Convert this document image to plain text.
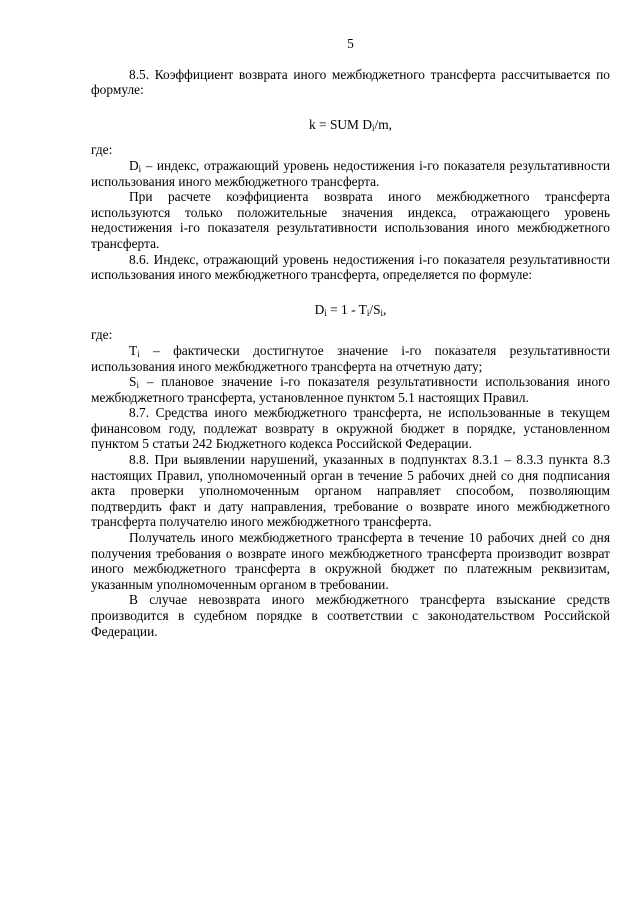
5

8.5. Коэффициент возврата иного межбюджетного трансферта рассчитывается по формуле:

k = SUM $D_i/m$,

где:

$D_i$ – индекс, отражающий уровень недостижения i-го показателя результативности использования иного межбюджетного трансферта.

При расчете коэффициента возврата иного межбюджетного трансферта используются только положительные значения индекса, отражающего уровень недостижения i-го показателя результативности использования иного межбюджетного трансферта.

8.6. Индекс, отражающий уровень недостижения i-го показателя результативности использования иного межбюджетного трансферта, определяется по формуле:

$D_i = 1 - T_i/S_i$,

где:

$T_i$ – фактически достигнутое значение i-го показателя результативности использования иного межбюджетного трансферта на отчетную дату;

$S_i$ – плановое значение i-го показателя результативности использования иного межбюджетного трансферта, установленное пунктом 5.1 настоящих Правил.

8.7. Средства иного межбюджетного трансферта, не использованные в текущем финансовом году, подлежат возврату в окружной бюджет в порядке, установленном пунктом 5 статьи 242 Бюджетного кодекса Российской Федерации.

8.8. При выявлении нарушений, указанных в подпунктах 8.3.1 – 8.3.3 пункта 8.3 настоящих Правил, уполномоченный орган в течение 5 рабочих дней со дня подписания акта проверки уполномоченным органом направляет способом, позволяющим подтвердить факт и дату направления, требование о возврате иного межбюджетного трансферта получателю иного межбюджетного трансферта.

Получатель иного межбюджетного трансферта в течение 10 рабочих дней со дня получения требования о возврате иного межбюджетного трансферта производит возврат иного межбюджетного трансферта в окружной бюджет по платежным реквизитам, указанным уполномоченным органом в требовании.

В случае невозврата иного межбюджетного трансферта взыскание средств производится в судебном порядке в соответствии с законодательством Российской Федерации.
